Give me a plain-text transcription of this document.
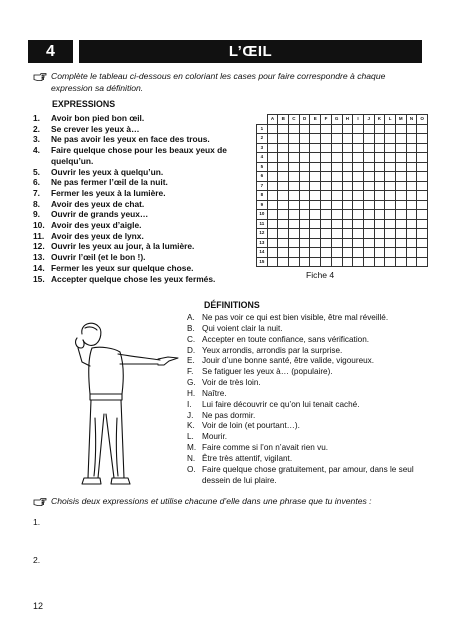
4	L’ŒIL
Complète le tableau ci-dessous en coloriant les cases pour faire correspondre à chaque
expression sa définition.
EXPRESSIONS
1. Avoir bon pied bon œil.
2. Se crever les yeux à…
3. Ne pas avoir les yeux en face des trous.
4. Faire quelque chose pour les beaux yeux de quelqu’un.
5. Ouvrir les yeux à quelqu’un.
6. Ne pas fermer l’œil de la nuit.
7. Fermer les yeux à la lumière.
8. Avoir des yeux de chat.
9. Ouvrir de grands yeux…
10. Avoir des yeux d’aigle.
11. Avoir des yeux de lynx.
12. Ouvrir les yeux au jour, à la lumière.
13. Ouvrir l’œil (et le bon !).
14. Fermer les yeux sur quelque chose.
15. Accepter quelque chose les yeux fermés.
	A	B	C	D	E	F	G	H	I	J	K	L	M	N	O
1															
2															
3															
4															
5															
6															
7															
8															
9															
10															
11															
12															
13															
14															
15															
Fiche 4
DÉFINITIONS
A. Ne pas voir ce qui est bien visible, être mal réveillé.
B. Qui voient clair la nuit.
C. Accepter en toute confiance, sans vérification.
D. Yeux arrondis, arrondis par la surprise.
E. Jouir d’une bonne santé, être valide, vigoureux.
F. Se fatiguer les yeux à… (populaire).
G. Voir de très loin.
H. Naître.
I. Lui faire découvrir ce qu’on lui tenait caché.
J. Ne pas dormir.
K. Voir de loin (et pourtant…).
L. Mourir.
M. Faire comme si l’on n’avait rien vu.
N. Être très attentif, vigilant.
O. Faire quelque chose gratuitement, par amour, dans le seul dessein de lui plaire.
Choisis deux expressions et utilise chacune d’elle dans une phrase que tu inventes :
1.
2.
12
